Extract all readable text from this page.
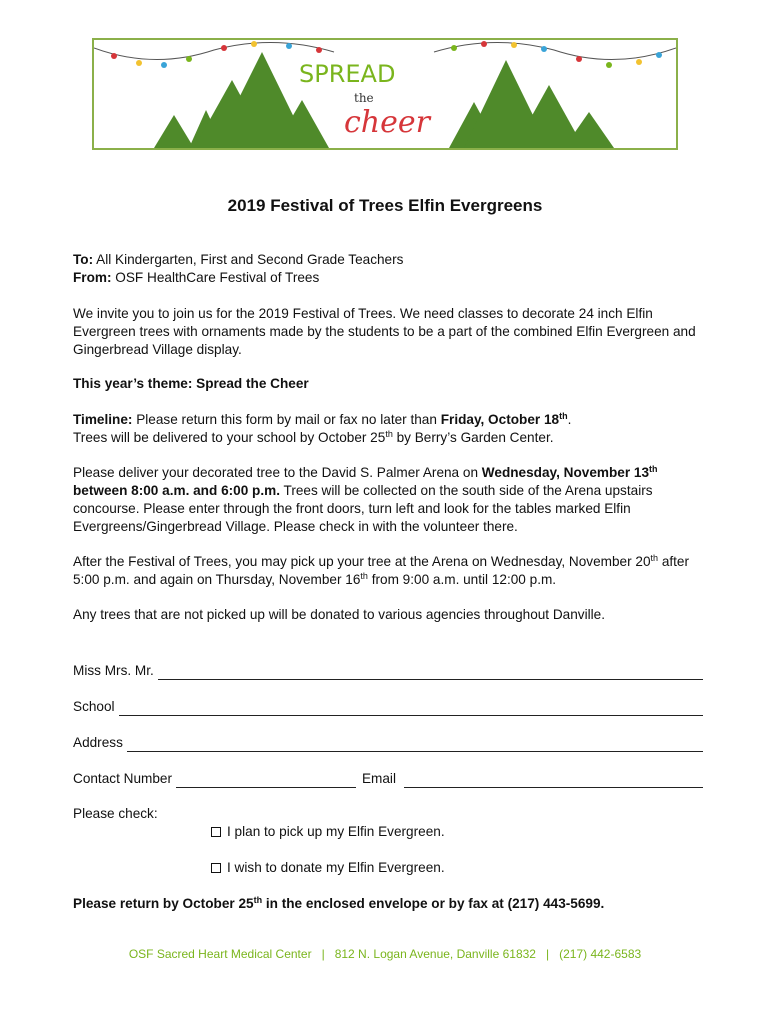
SPREAD
the
cheer
2019 Festival of Trees Elfin Evergreens

To: All Kindergarten, First and Second Grade Teachers

From: OSF HealthCare Festival of Trees

We invite you to join us for the 2019 Festival of Trees. We need classes to decorate 24 inch Elfin Evergreen trees with ornaments made by the students to be a part of the combined Elfin Evergreen and Gingerbread Village display.

This year’s theme: Spread the Cheer

Timeline: Please return this form by mail or fax no later than Friday, October 18th.
Trees will be delivered to your school by October 25th by Berry’s Garden Center.

Please deliver your decorated tree to the David S. Palmer Arena on Wednesday, November 13th between 8:00 a.m. and 6:00 p.m. Trees will be collected on the south side of the Arena upstairs concourse. Please enter through the front doors, turn left and look for the tables marked Elfin Evergreens/Gingerbread Village. Please check in with the volunteer there.

After the Festival of Trees, you may pick up your tree at the Arena on Wednesday, November 20th after 5:00 p.m. and again on Thursday, November 16th from 9:00 a.m. until 12:00 p.m.

Any trees that are not picked up will be donated to various agencies throughout Danville.

Miss Mrs. Mr.
School
Address
Contact Number	Email
Please check:
I plan to pick up my Elfin Evergreen.
I wish to donate my Elfin Evergreen.
Please return by October 25th in the enclosed envelope or by fax at (217) 443-5699.
OSF Sacred Heart Medical Center | 812 N. Logan Avenue, Danville 61832 | (217) 442-6583
